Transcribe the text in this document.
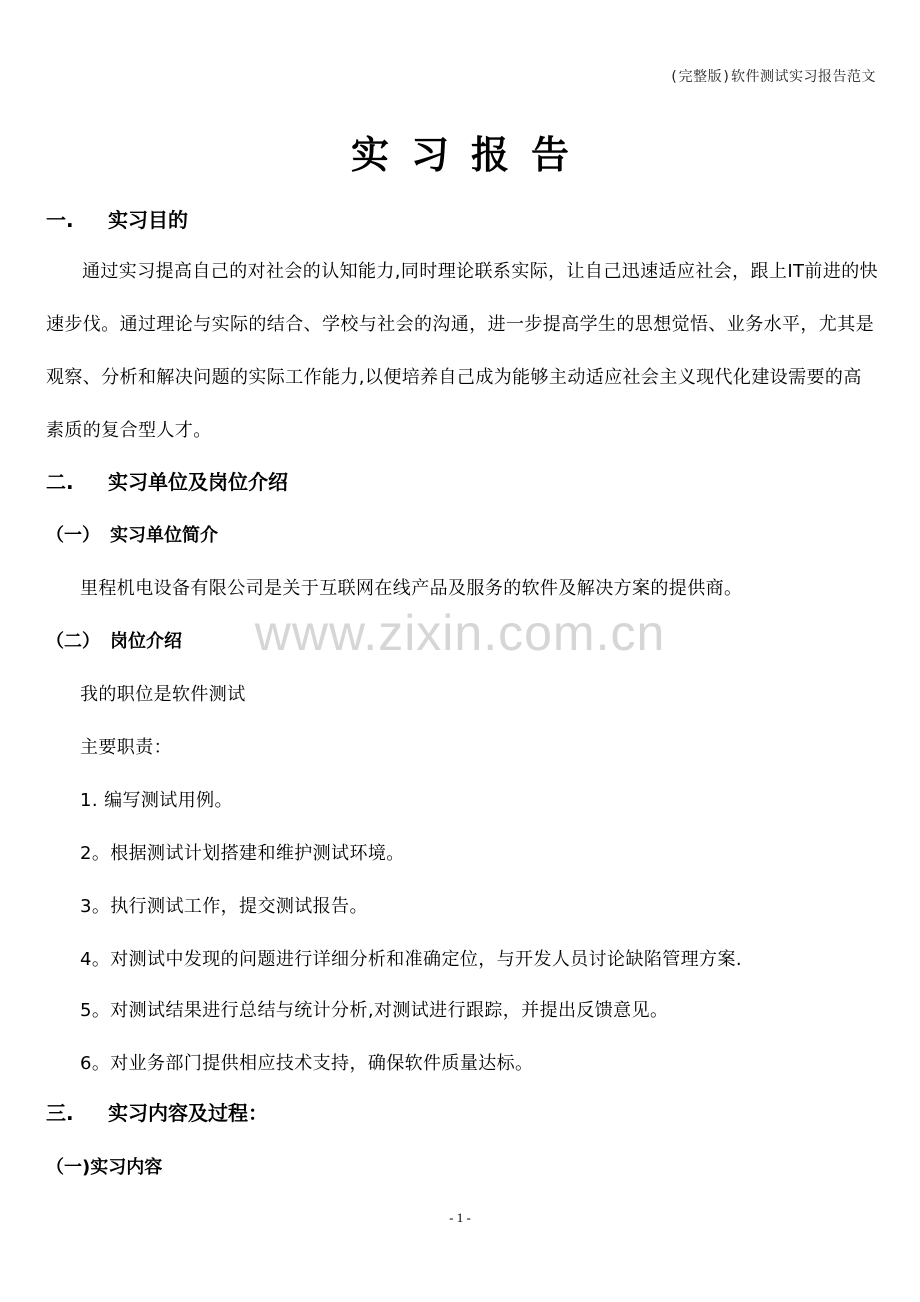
(完整版)软件测试实习报告范文
实习报告
www.zixin.com.cn
一. 实习目的
通过实习提高自己的对社会的认知能力,同时理论联系实际，让自己迅速适应社会，跟上IT前进的快速步伐。通过理论与实际的结合、学校与社会的沟通，进一步提高学生的思想觉悟、业务水平，尤其是观察、分析和解决问题的实际工作能力,以便培养自己成为能够主动适应社会主义现代化建设需要的高素质的复合型人才。
二. 实习单位及岗位介绍
（一） 实习单位简介
里程机电设备有限公司是关于互联网在线产品及服务的软件及解决方案的提供商。
（二） 岗位介绍
我的职位是软件测试
主要职责：
1. 编写测试用例。
2。根据测试计划搭建和维护测试环境。
3。执行测试工作，提交测试报告。
4。对测试中发现的问题进行详细分析和准确定位，与开发人员讨论缺陷管理方案.
5。对测试结果进行总结与统计分析,对测试进行跟踪，并提出反馈意见。
6。对业务部门提供相应技术支持，确保软件质量达标。
三. 实习内容及过程：
（一)实习内容
- 1 -
